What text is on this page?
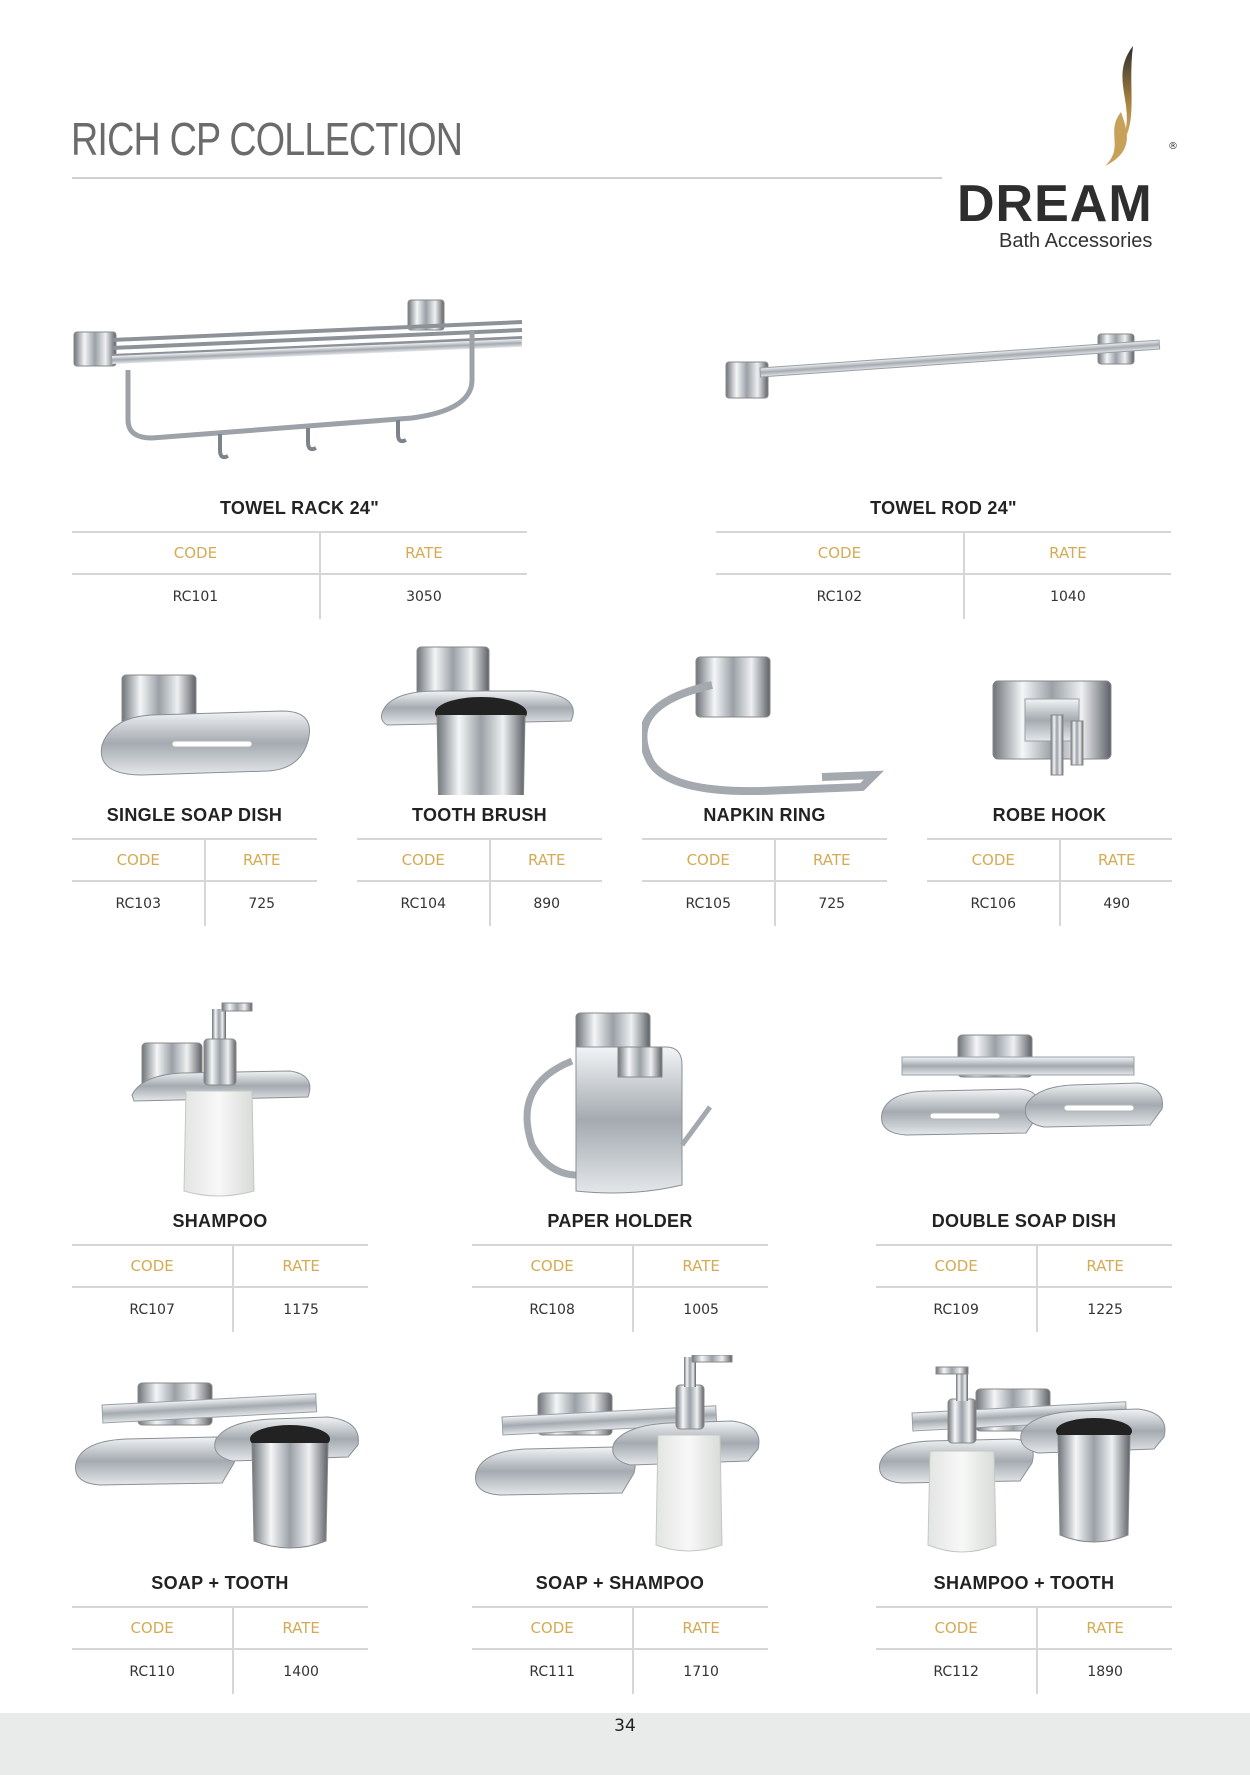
RICH CP COLLECTION
DREAM
®
Bath Accessories
TOWEL RACK 24"
CODE	RATE
RC101	3050
TOWEL ROD 24"
CODE	RATE
RC102	1040
SINGLE SOAP DISH
CODE	RATE
RC103	725
TOOTH BRUSH
CODE	RATE
RC104	890
NAPKIN RING
CODE	RATE
RC105	725
ROBE HOOK
CODE	RATE
RC106	490
SHAMPOO
CODE	RATE
RC107	1175
PAPER HOLDER
CODE	RATE
RC108	1005
DOUBLE SOAP DISH
CODE	RATE
RC109	1225
SOAP + TOOTH
CODE	RATE
RC110	1400
SOAP + SHAMPOO
CODE	RATE
RC111	1710
SHAMPOO + TOOTH
CODE	RATE
RC112	1890
34
